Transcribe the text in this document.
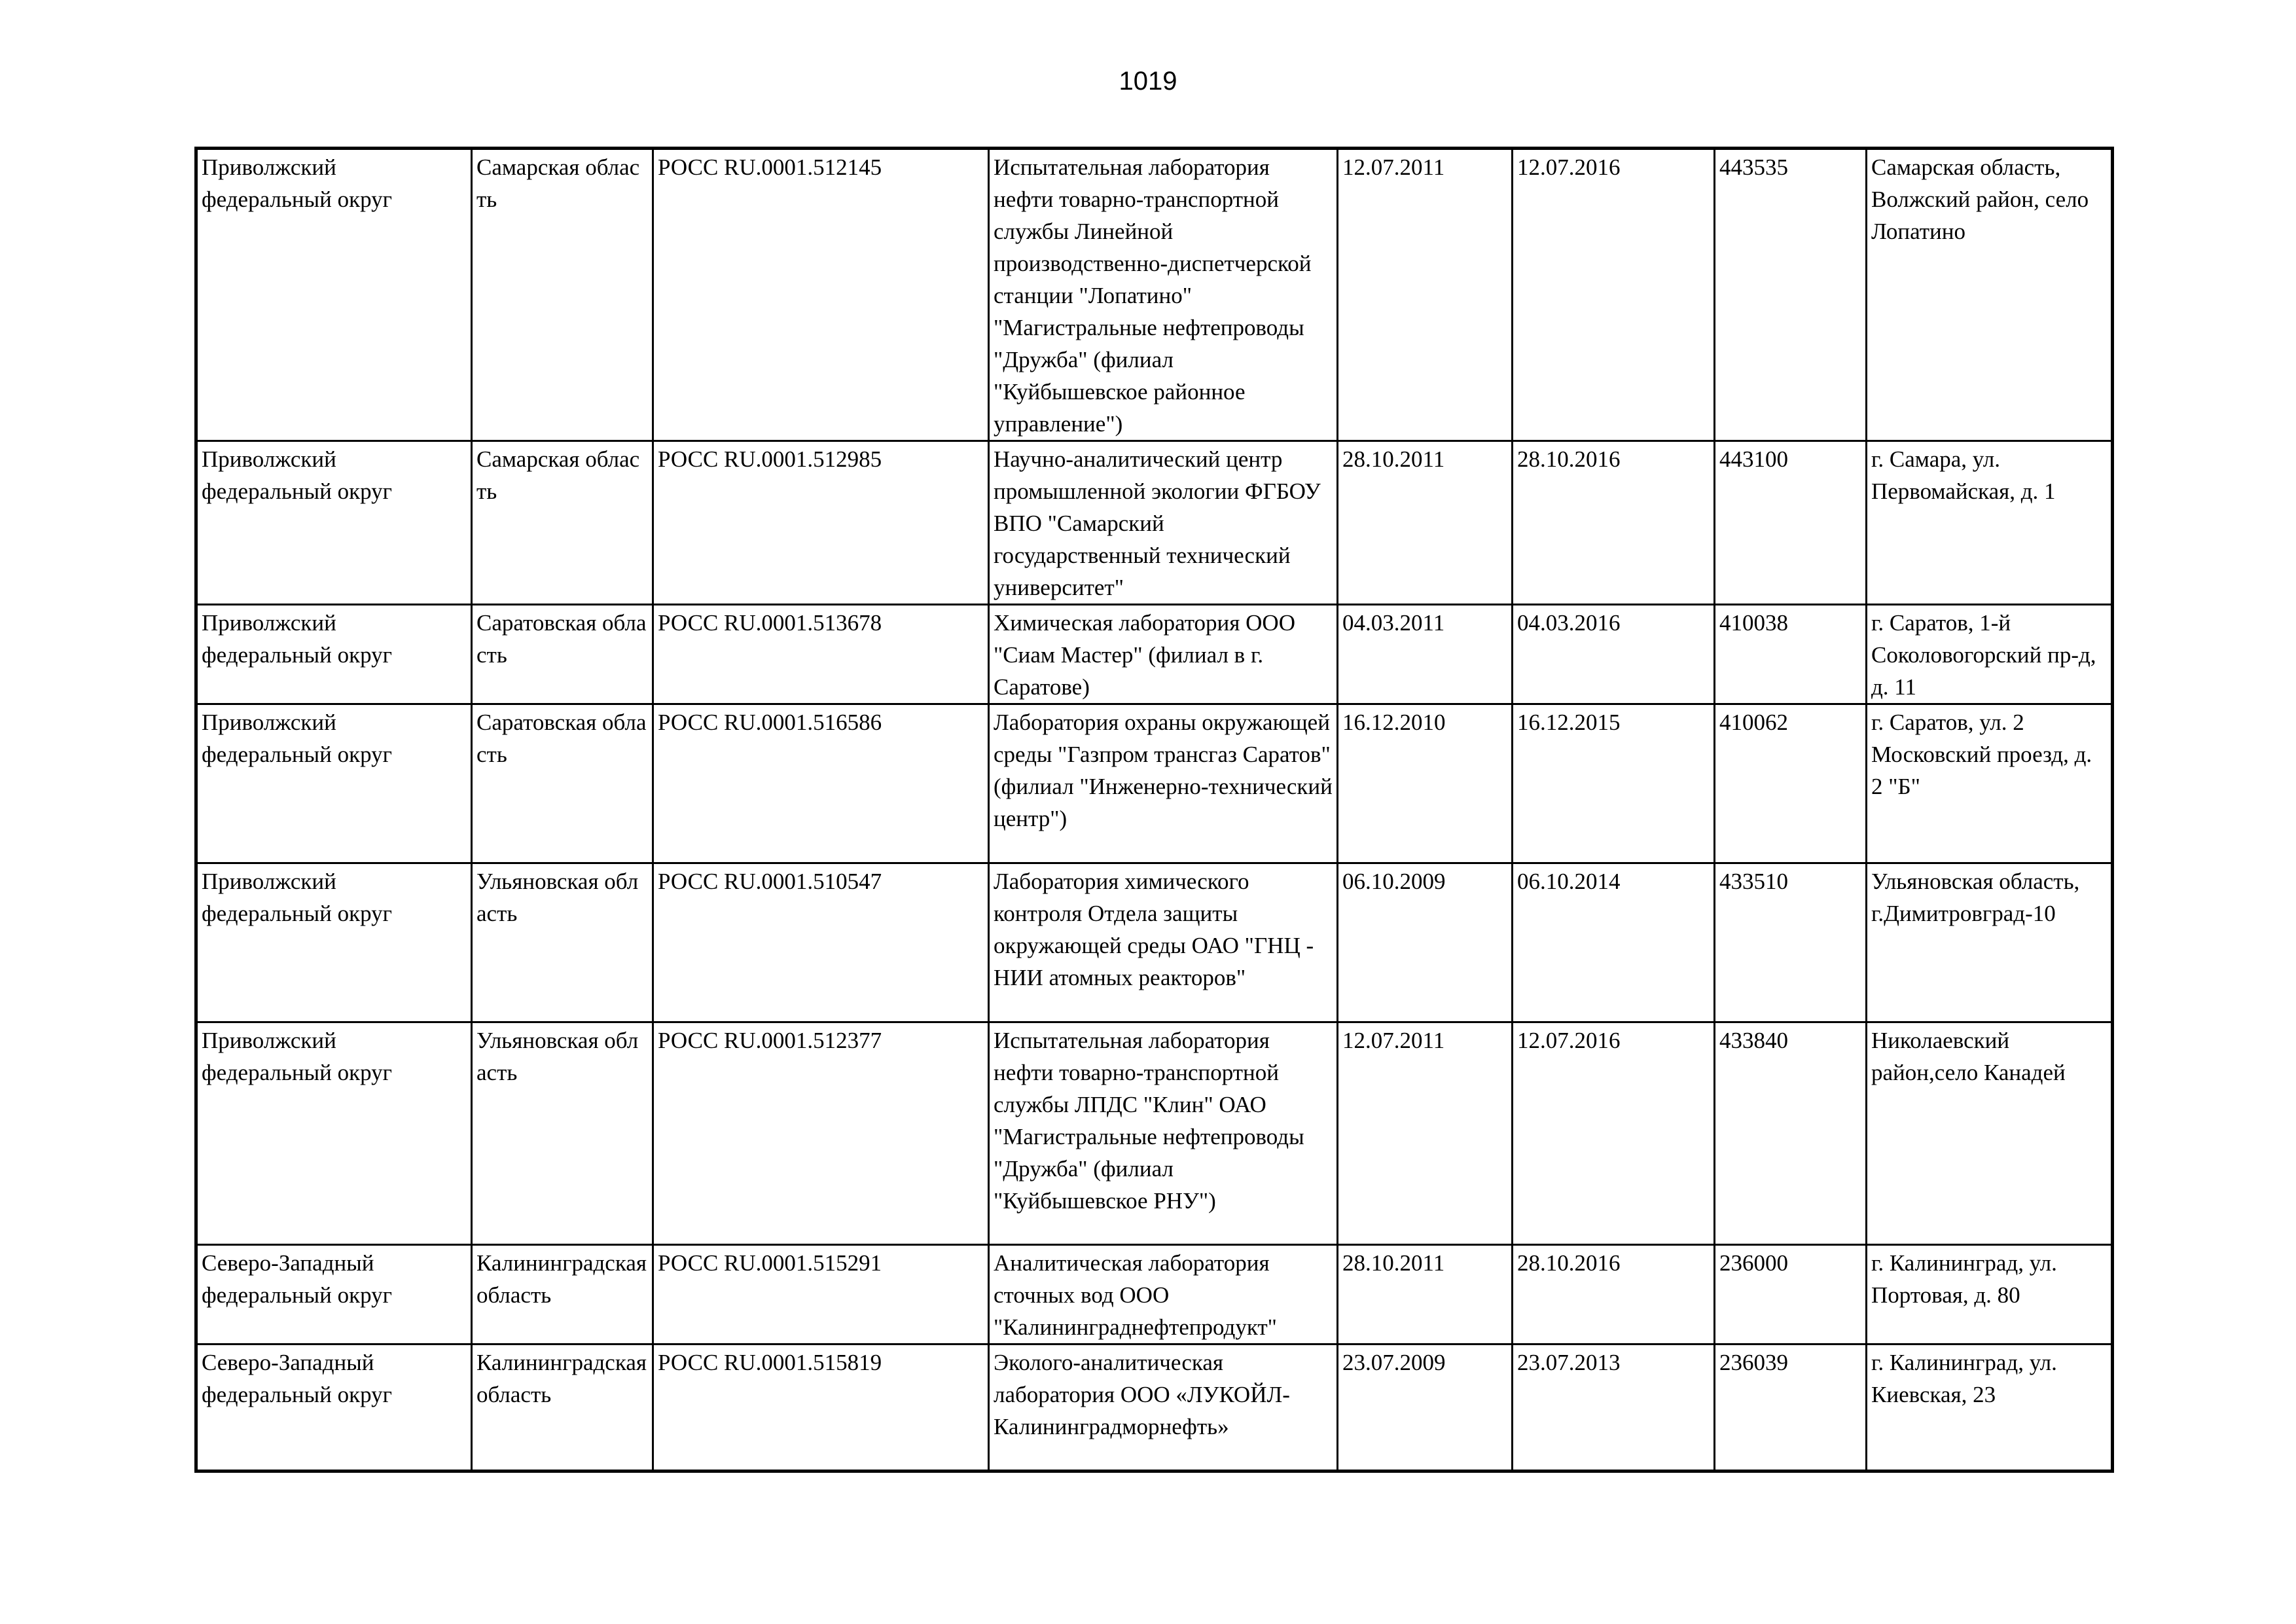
1019
Приволжский федеральный округ	Самарская область	РОСС RU.0001.512145	Испытательная лаборатория нефти товарно-транспортной службы Линейной производственно-диспетчерской станции "Лопатино" "Магистральные нефтепроводы "Дружба" (филиал "Куйбышевское районное управление")	12.07.2011	12.07.2016	443535	Самарская область, Волжский район, село Лопатино
Приволжский федеральный округ	Самарская область	РОСС RU.0001.512985	Научно-аналитический центр промышленной экологии ФГБОУ ВПО "Самарский государственный технический университет"	28.10.2011	28.10.2016	443100	г. Самара, ул. Первомайская, д. 1
Приволжский федеральный округ	Саратовская область	РОСС RU.0001.513678	Химическая лаборатория ООО "Сиам Мастер" (филиал в г. Саратове)	04.03.2011	04.03.2016	410038	г. Саратов, 1-й Соколовогорский пр-д, д. 11
Приволжский федеральный округ	Саратовская область	РОСС RU.0001.516586	Лаборатория охраны окружающей среды "Газпром трансгаз Саратов" (филиал "Инженерно-технический центр")	16.12.2010	16.12.2015	410062	г. Саратов, ул. 2 Московский проезд, д. 2 "Б"
Приволжский федеральный округ	Ульяновская область	РОСС RU.0001.510547	Лаборатория химического контроля Отдела защиты окружающей среды ОАО "ГНЦ - НИИ атомных реакторов"	06.10.2009	06.10.2014	433510	Ульяновская область, г.Димитровград-10
Приволжский федеральный округ	Ульяновская область	РОСС RU.0001.512377	Испытательная лаборатория нефти товарно-транспортной службы ЛПДС "Клин" ОАО "Магистральные нефтепроводы "Дружба" (филиал "Куйбышевское РНУ")	12.07.2011	12.07.2016	433840	Николаевский район,село Канадей
Северо-Западный федеральный округ	Калининградская область	РОСС RU.0001.515291	Аналитическая лаборатория сточных вод ООО "Калининграднефтепродукт"	28.10.2011	28.10.2016	236000	г. Калининград, ул. Портовая, д. 80
Северо-Западный федеральный округ	Калининградская область	РОСС RU.0001.515819	Эколого-аналитическая лаборатория ООО «ЛУКОЙЛ-Калининградморнефть»	23.07.2009	23.07.2013	236039	г. Калининград, ул. Киевская, 23
